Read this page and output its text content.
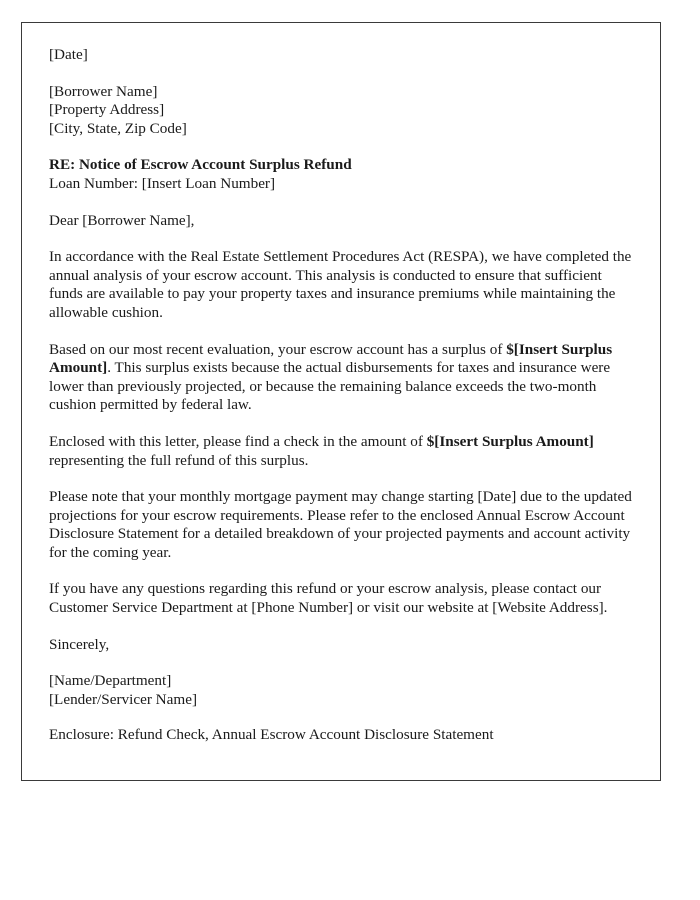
[Date]
[Borrower Name]
[Property Address]
[City, State, Zip Code]
RE: Notice of Escrow Account Surplus Refund
Loan Number: [Insert Loan Number]
Dear [Borrower Name],

In accordance with the Real Estate Settlement Procedures Act (RESPA), we have completed the annual analysis of your escrow account. This analysis is conducted to ensure that sufficient funds are available to pay your property taxes and insurance premiums while maintaining the allowable cushion.

Based on our most recent evaluation, your escrow account has a surplus of $[Insert Surplus Amount]. This surplus exists because the actual disbursements for taxes and insurance were lower than previously projected, or because the remaining balance exceeds the two-month cushion permitted by federal law.

Enclosed with this letter, please find a check in the amount of $[Insert Surplus Amount] representing the full refund of this surplus.

Please note that your monthly mortgage payment may change starting [Date] due to the updated projections for your escrow requirements. Please refer to the enclosed Annual Escrow Account Disclosure Statement for a detailed breakdown of your projected payments and account activity for the coming year.

If you have any questions regarding this refund or your escrow analysis, please contact our Customer Service Department at [Phone Number] or visit our website at [Website Address].

Sincerely,
[Name/Department]
[Lender/Servicer Name]
Enclosure: Refund Check, Annual Escrow Account Disclosure Statement
